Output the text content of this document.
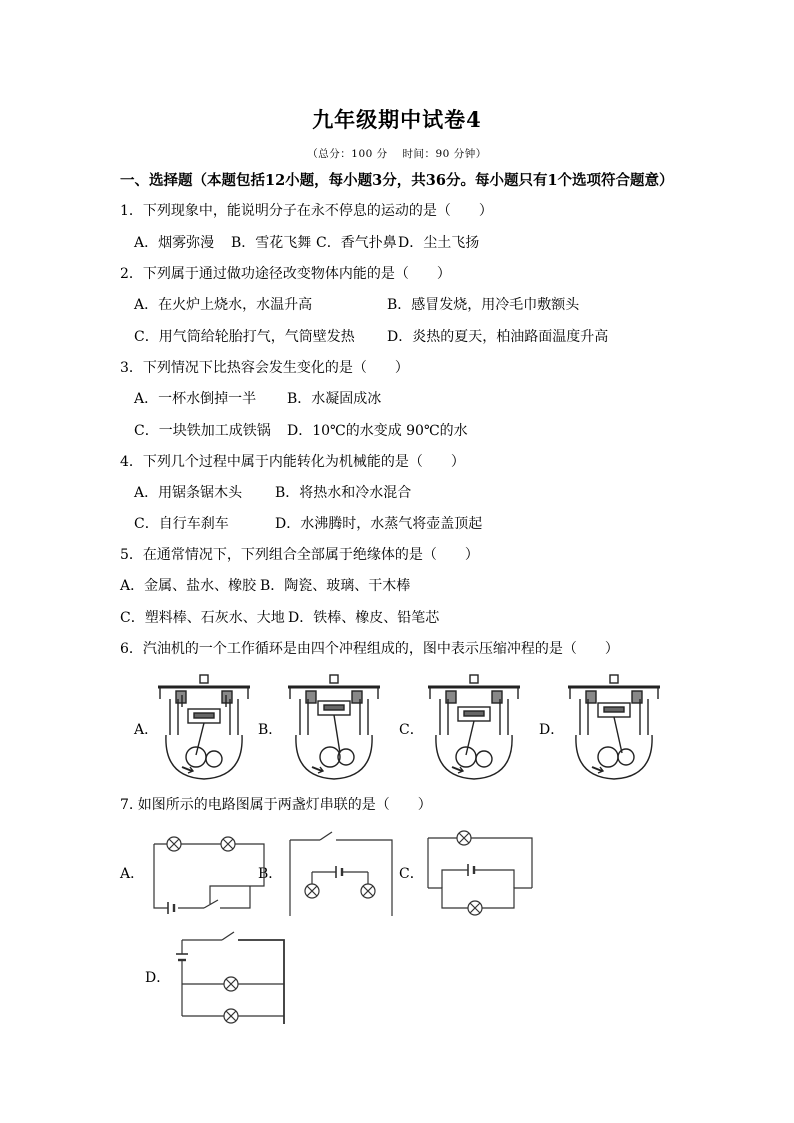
九年级期中试卷4
（总分：100 分　 时间：90 分钟）
一、选择题（本题包括12小题，每小题3分，共36分。每小题只有1个选项符合题意）
1．下列现象中，能说明分子在永不停息的运动的是（　　）
A．烟雾弥漫 B．雪花飞舞 C．香气扑鼻 D．尘土飞扬
2．下列属于通过做功途径改变物体内能的是（　　）
A．在火炉上烧水，水温升高	B．感冒发烧，用冷毛巾敷额头
C．用气筒给轮胎打气，气筒壁发热 D．炎热的夏天，柏油路面温度升高
3．下列情况下比热容会发生变化的是（　　）
A．一杯水倒掉一半 B．水凝固成冰
C．一块铁加工成铁锅 D．10℃的水变成 90℃的水
4．下列几个过程中属于内能转化为机械能的是（　　）
A．用锯条锯木头 B．将热水和冷水混合
C．自行车刹车	D．水沸腾时，水蒸气将壶盖顶起
5．在通常情况下，下列组合全部属于绝缘体的是（　　）
A．金属、盐水、橡胶 B．陶瓷、玻璃、干木棒
C．塑料棒、石灰水、大地 D．铁棒、橡皮、铅笔芯
6．汽油机的一个工作循环是由四个冲程组成的，图中表示压缩冲程的是（　　）
A．	B．	C．	D．
7. 如图所示的电路图属于两盏灯串联的是（　　）
A．	B．	C．
D．
